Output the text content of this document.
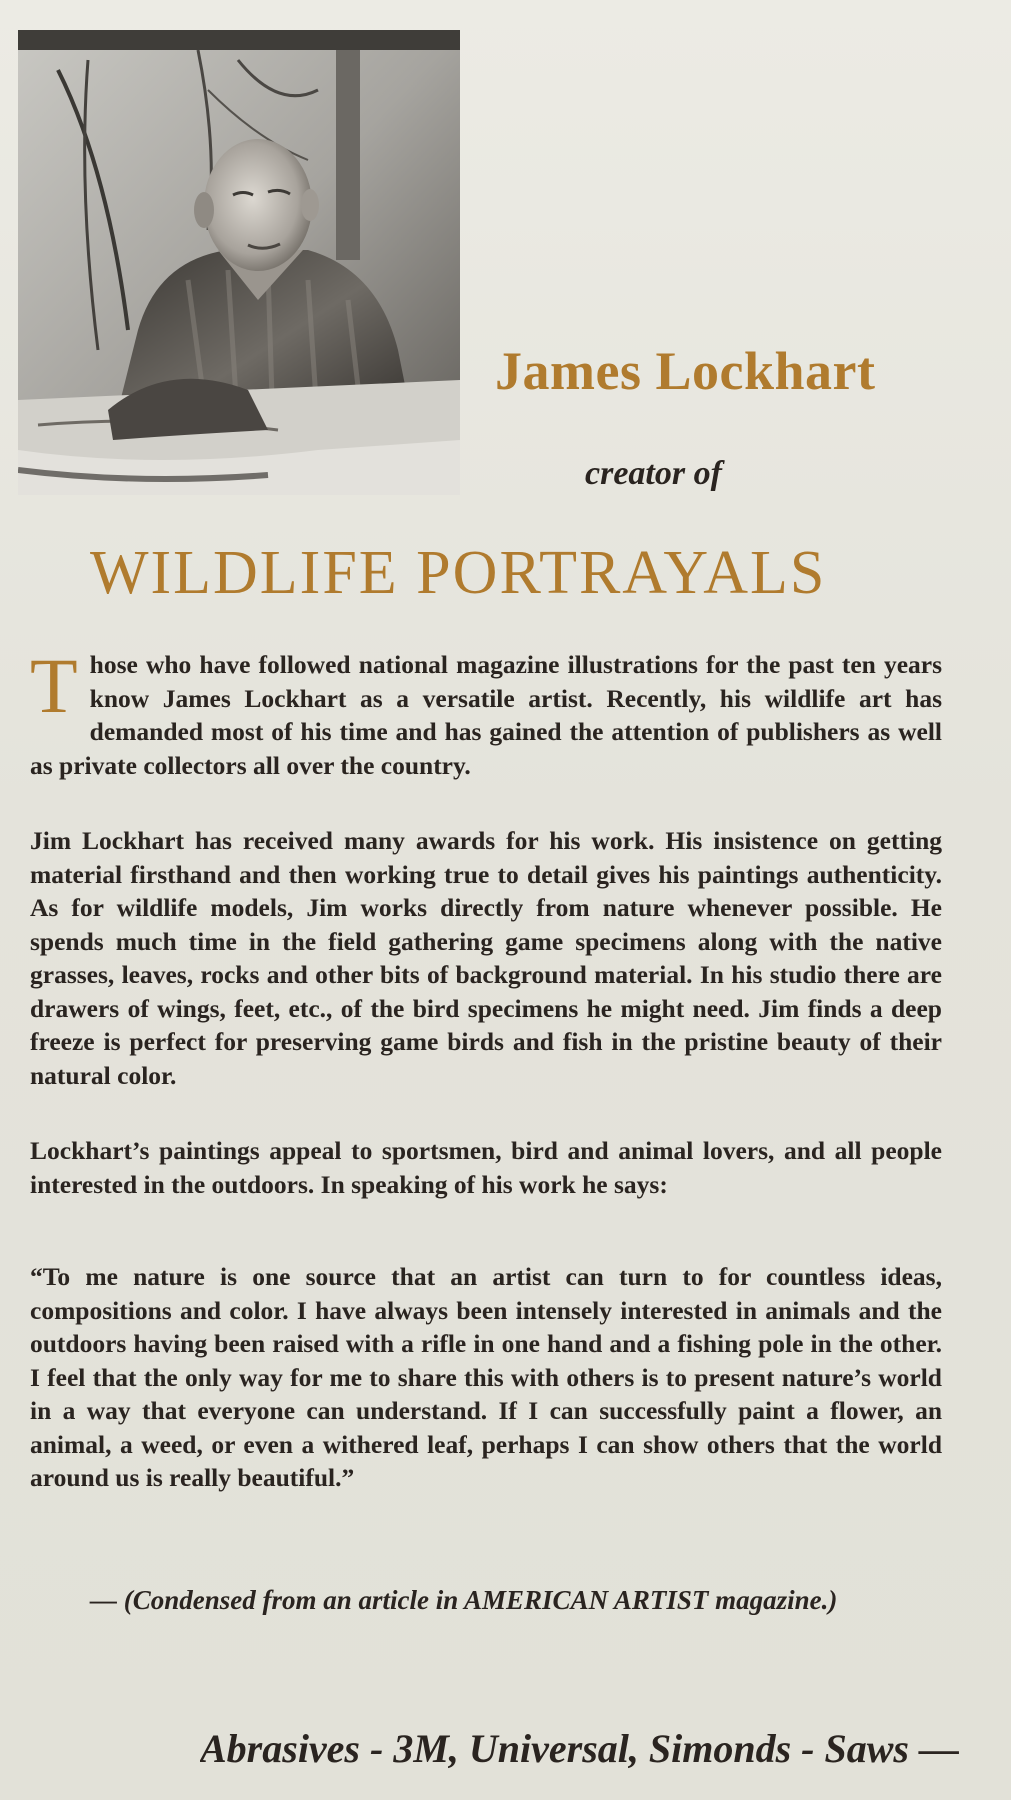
James Lockhart
creator of
WILDLIFE PORTRAYALS

Those who have followed national magazine illustrations for the past ten years know James Lockhart as a versatile artist. Recently, his wildlife art has demanded most of his time and has gained the attention of publishers as well as private collectors all over the country.

Jim Lockhart has received many awards for his work. His insistence on getting material firsthand and then working true to detail gives his paintings authenticity. As for wildlife models, Jim works directly from nature whenever possible. He spends much time in the field gathering game specimens along with the native grasses, leaves, rocks and other bits of background material. In his studio there are drawers of wings, feet, etc., of the bird specimens he might need. Jim finds a deep freeze is perfect for preserving game birds and fish in the pristine beauty of their natural color.

Lockhart’s paintings appeal to sportsmen, bird and animal lovers, and all people interested in the outdoors. In speaking of his work he says:

“To me nature is one source that an artist can turn to for countless ideas, compositions and color. I have always been intensely interested in animals and the outdoors having been raised with a rifle in one hand and a fishing pole in the other. I feel that the only way for me to share this with others is to present nature’s world in a way that everyone can understand. If I can successfully paint a flower, an animal, a weed, or even a withered leaf, perhaps I can show others that the world around us is really beautiful.”

— (Condensed from an article in AMERICAN ARTIST magazine.)
Abrasives - 3M, Universal, Simonds - Saws —
